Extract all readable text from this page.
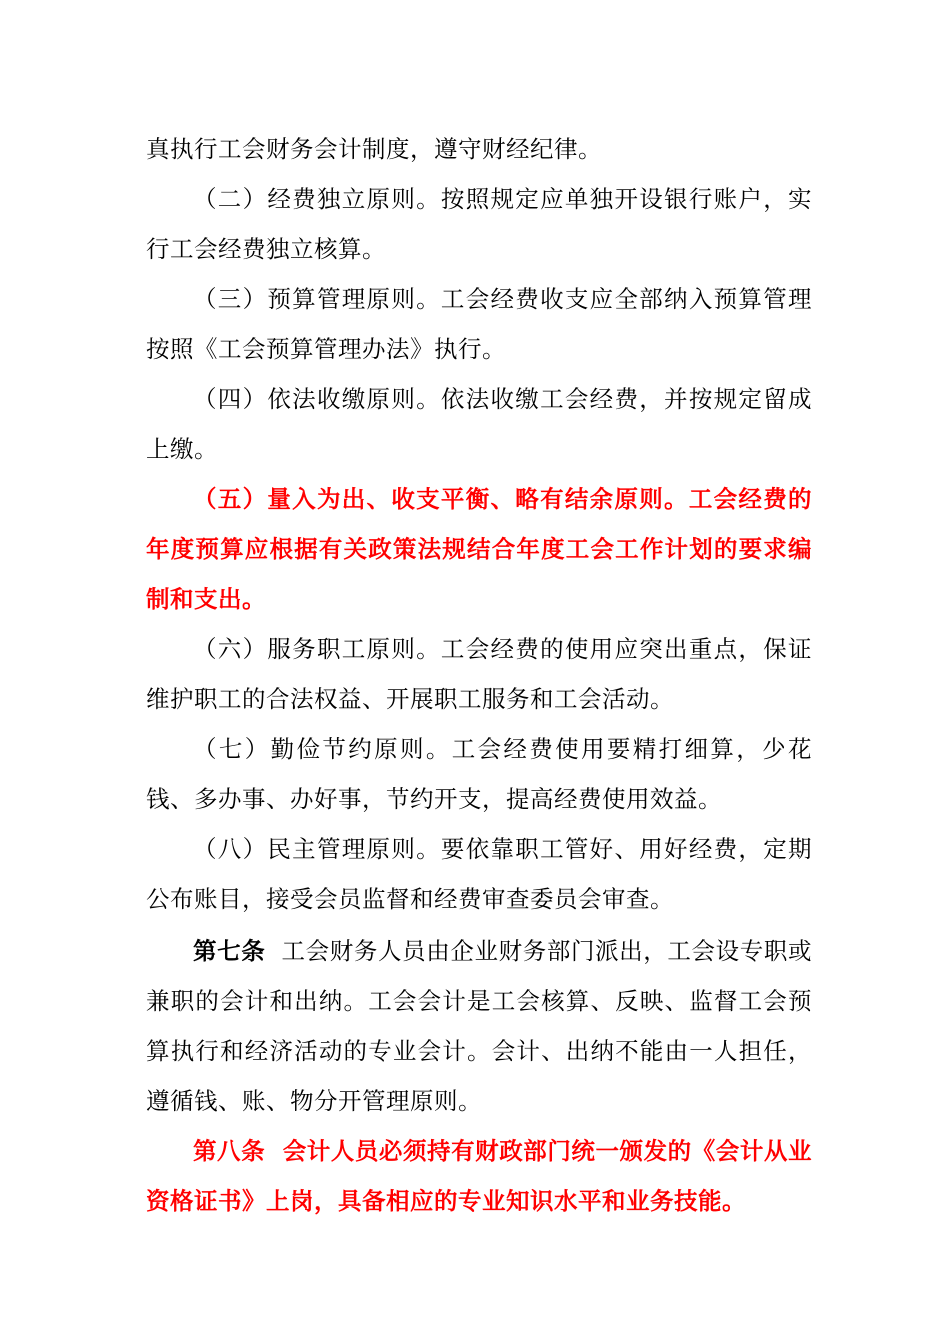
真执行工会财务会计制度，遵守财经纪律。

（二）经费独立原则。按照规定应单独开设银行账户，实行工会经费独立核算。

（三）预算管理原则。工会经费收支应全部纳入预算管理按照《工会预算管理办法》执行。

（四）依法收缴原则。依法收缴工会经费，并按规定留成上缴。

（五）量入为出、收支平衡、略有结余原则。工会经费的年度预算应根据有关政策法规结合年度工会工作计划的要求编制和支出。

（六）服务职工原则。工会经费的使用应突出重点，保证维护职工的合法权益、开展职工服务和工会活动。

（七）勤俭节约原则。工会经费使用要精打细算，少花钱、多办事、办好事，节约开支，提高经费使用效益。

（八）民主管理原则。要依靠职工管好、用好经费，定期公布账目，接受会员监督和经费审查委员会审查。

第七条 工会财务人员由企业财务部门派出，工会设专职或兼职的会计和出纳。工会会计是工会核算、反映、监督工会预算执行和经济活动的专业会计。会计、出纳不能由一人担任，遵循钱、账、物分开管理原则。

第八条 会计人员必须持有财政部门统一颁发的《会计从业资格证书》上岗，具备相应的专业知识水平和业务技能。
